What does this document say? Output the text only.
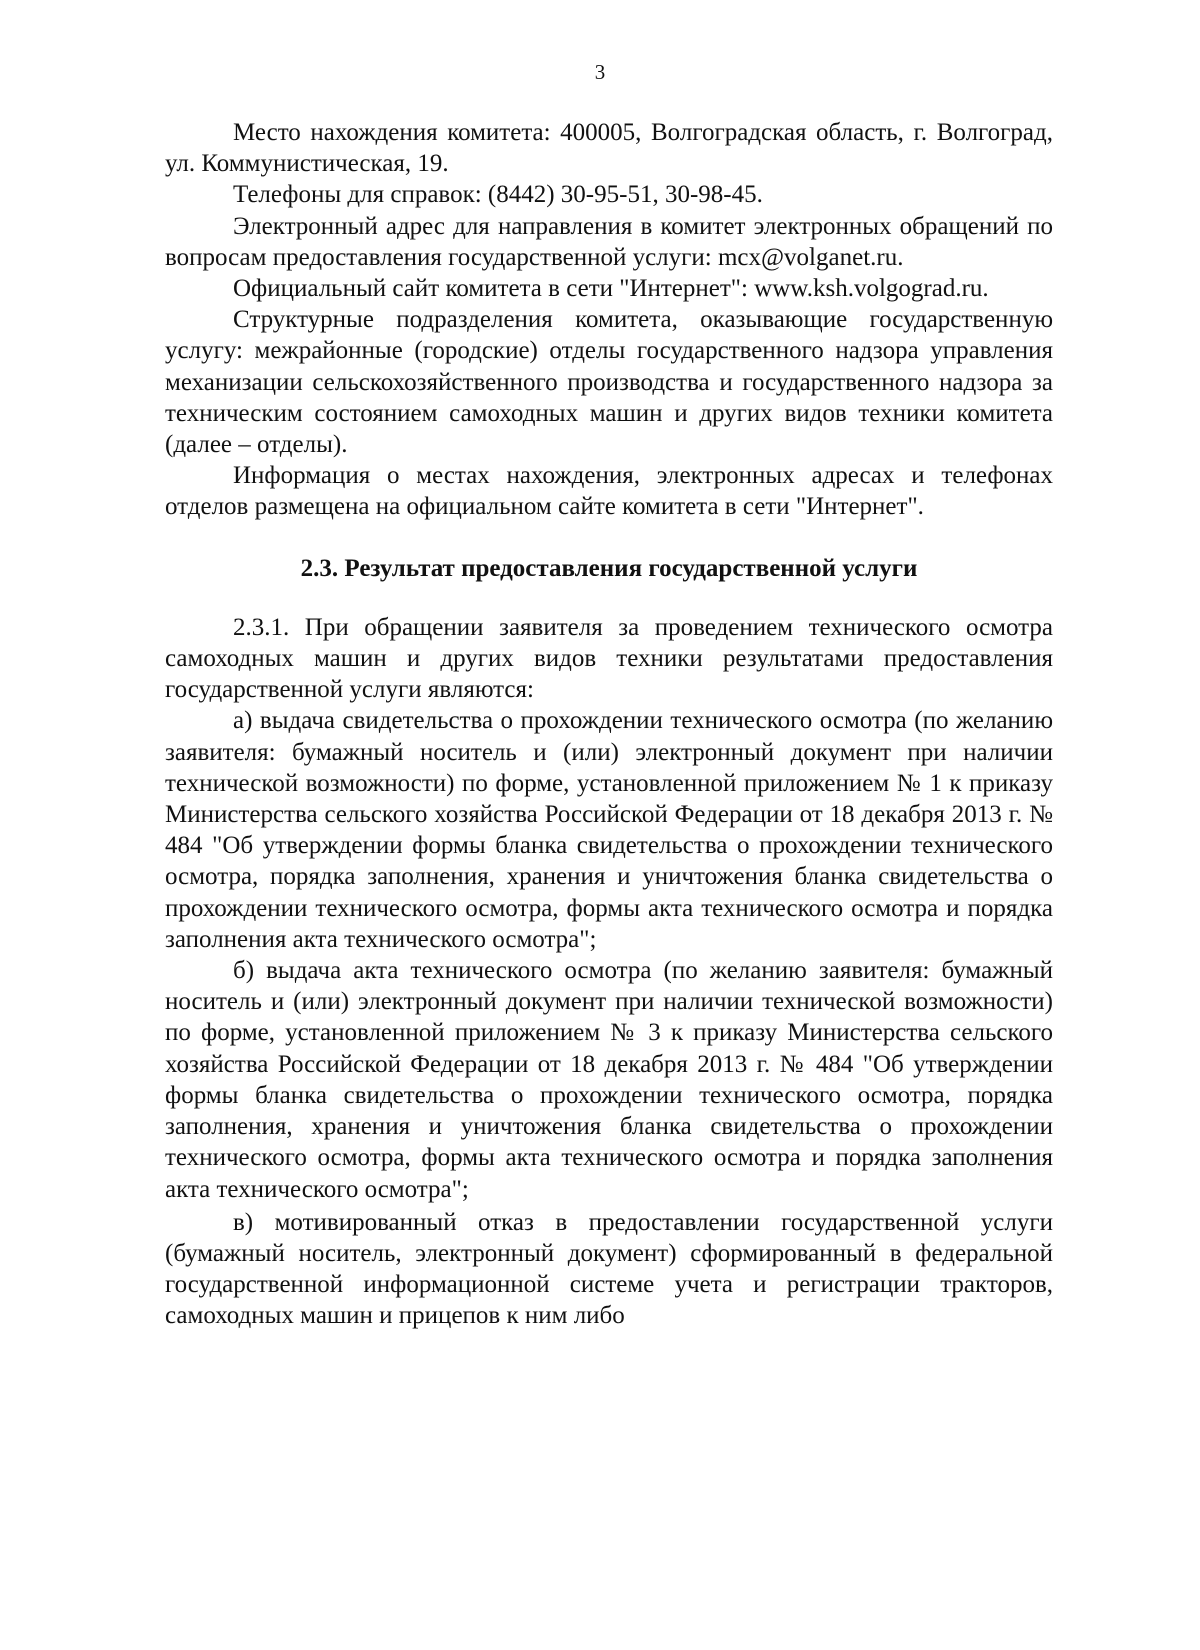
3

Место нахождения комитета: 400005, Волгоградская область, г. Волгоград, ул. Коммунистическая, 19.

Телефоны для справок: (8442) 30-95-51, 30-98-45.

Электронный адрес для направления в комитет электронных обращений по вопросам предоставления государственной услуги: mcx@volganet.ru.

Официальный сайт комитета в сети "Интернет": www.ksh.volgograd.ru.

Структурные подразделения комитета, оказывающие государственную услугу: межрайонные (городские) отделы государственного надзора управления механизации сельскохозяйственного производства и государственного надзора за техническим состоянием самоходных машин и других видов техники комитета (далее – отделы).

Информация о местах нахождения, электронных адресах и телефонах отделов размещена на официальном сайте комитета в сети "Интернет".

2.3. Результат предоставления государственной услуги

2.3.1. При обращении заявителя за проведением технического осмотра самоходных машин и других видов техники результатами предоставления государственной услуги являются:

а) выдача свидетельства о прохождении технического осмотра (по желанию заявителя: бумажный носитель и (или) электронный документ при наличии технической возможности) по форме, установленной приложением № 1 к приказу Министерства сельского хозяйства Российской Федерации от 18 декабря 2013 г. № 484 "Об утверждении формы бланка свидетельства о прохождении технического осмотра, порядка заполнения, хранения и уничтожения бланка свидетельства о прохождении технического осмотра, формы акта технического осмотра и порядка заполнения акта технического осмотра";

б) выдача акта технического осмотра (по желанию заявителя: бумажный носитель и (или) электронный документ при наличии технической возможности) по форме, установленной приложением № 3 к приказу Министерства сельского хозяйства Российской Федерации от 18 декабря 2013 г. № 484 "Об утверждении формы бланка свидетельства о прохождении технического осмотра, порядка заполнения, хранения и уничтожения бланка свидетельства о прохождении технического осмотра, формы акта технического осмотра и порядка заполнения акта технического осмотра";

в) мотивированный отказ в предоставлении государственной услуги (бумажный носитель, электронный документ) сформированный в федеральной государственной информационной системе учета и регистрации тракторов, самоходных машин и прицепов к ним либо
